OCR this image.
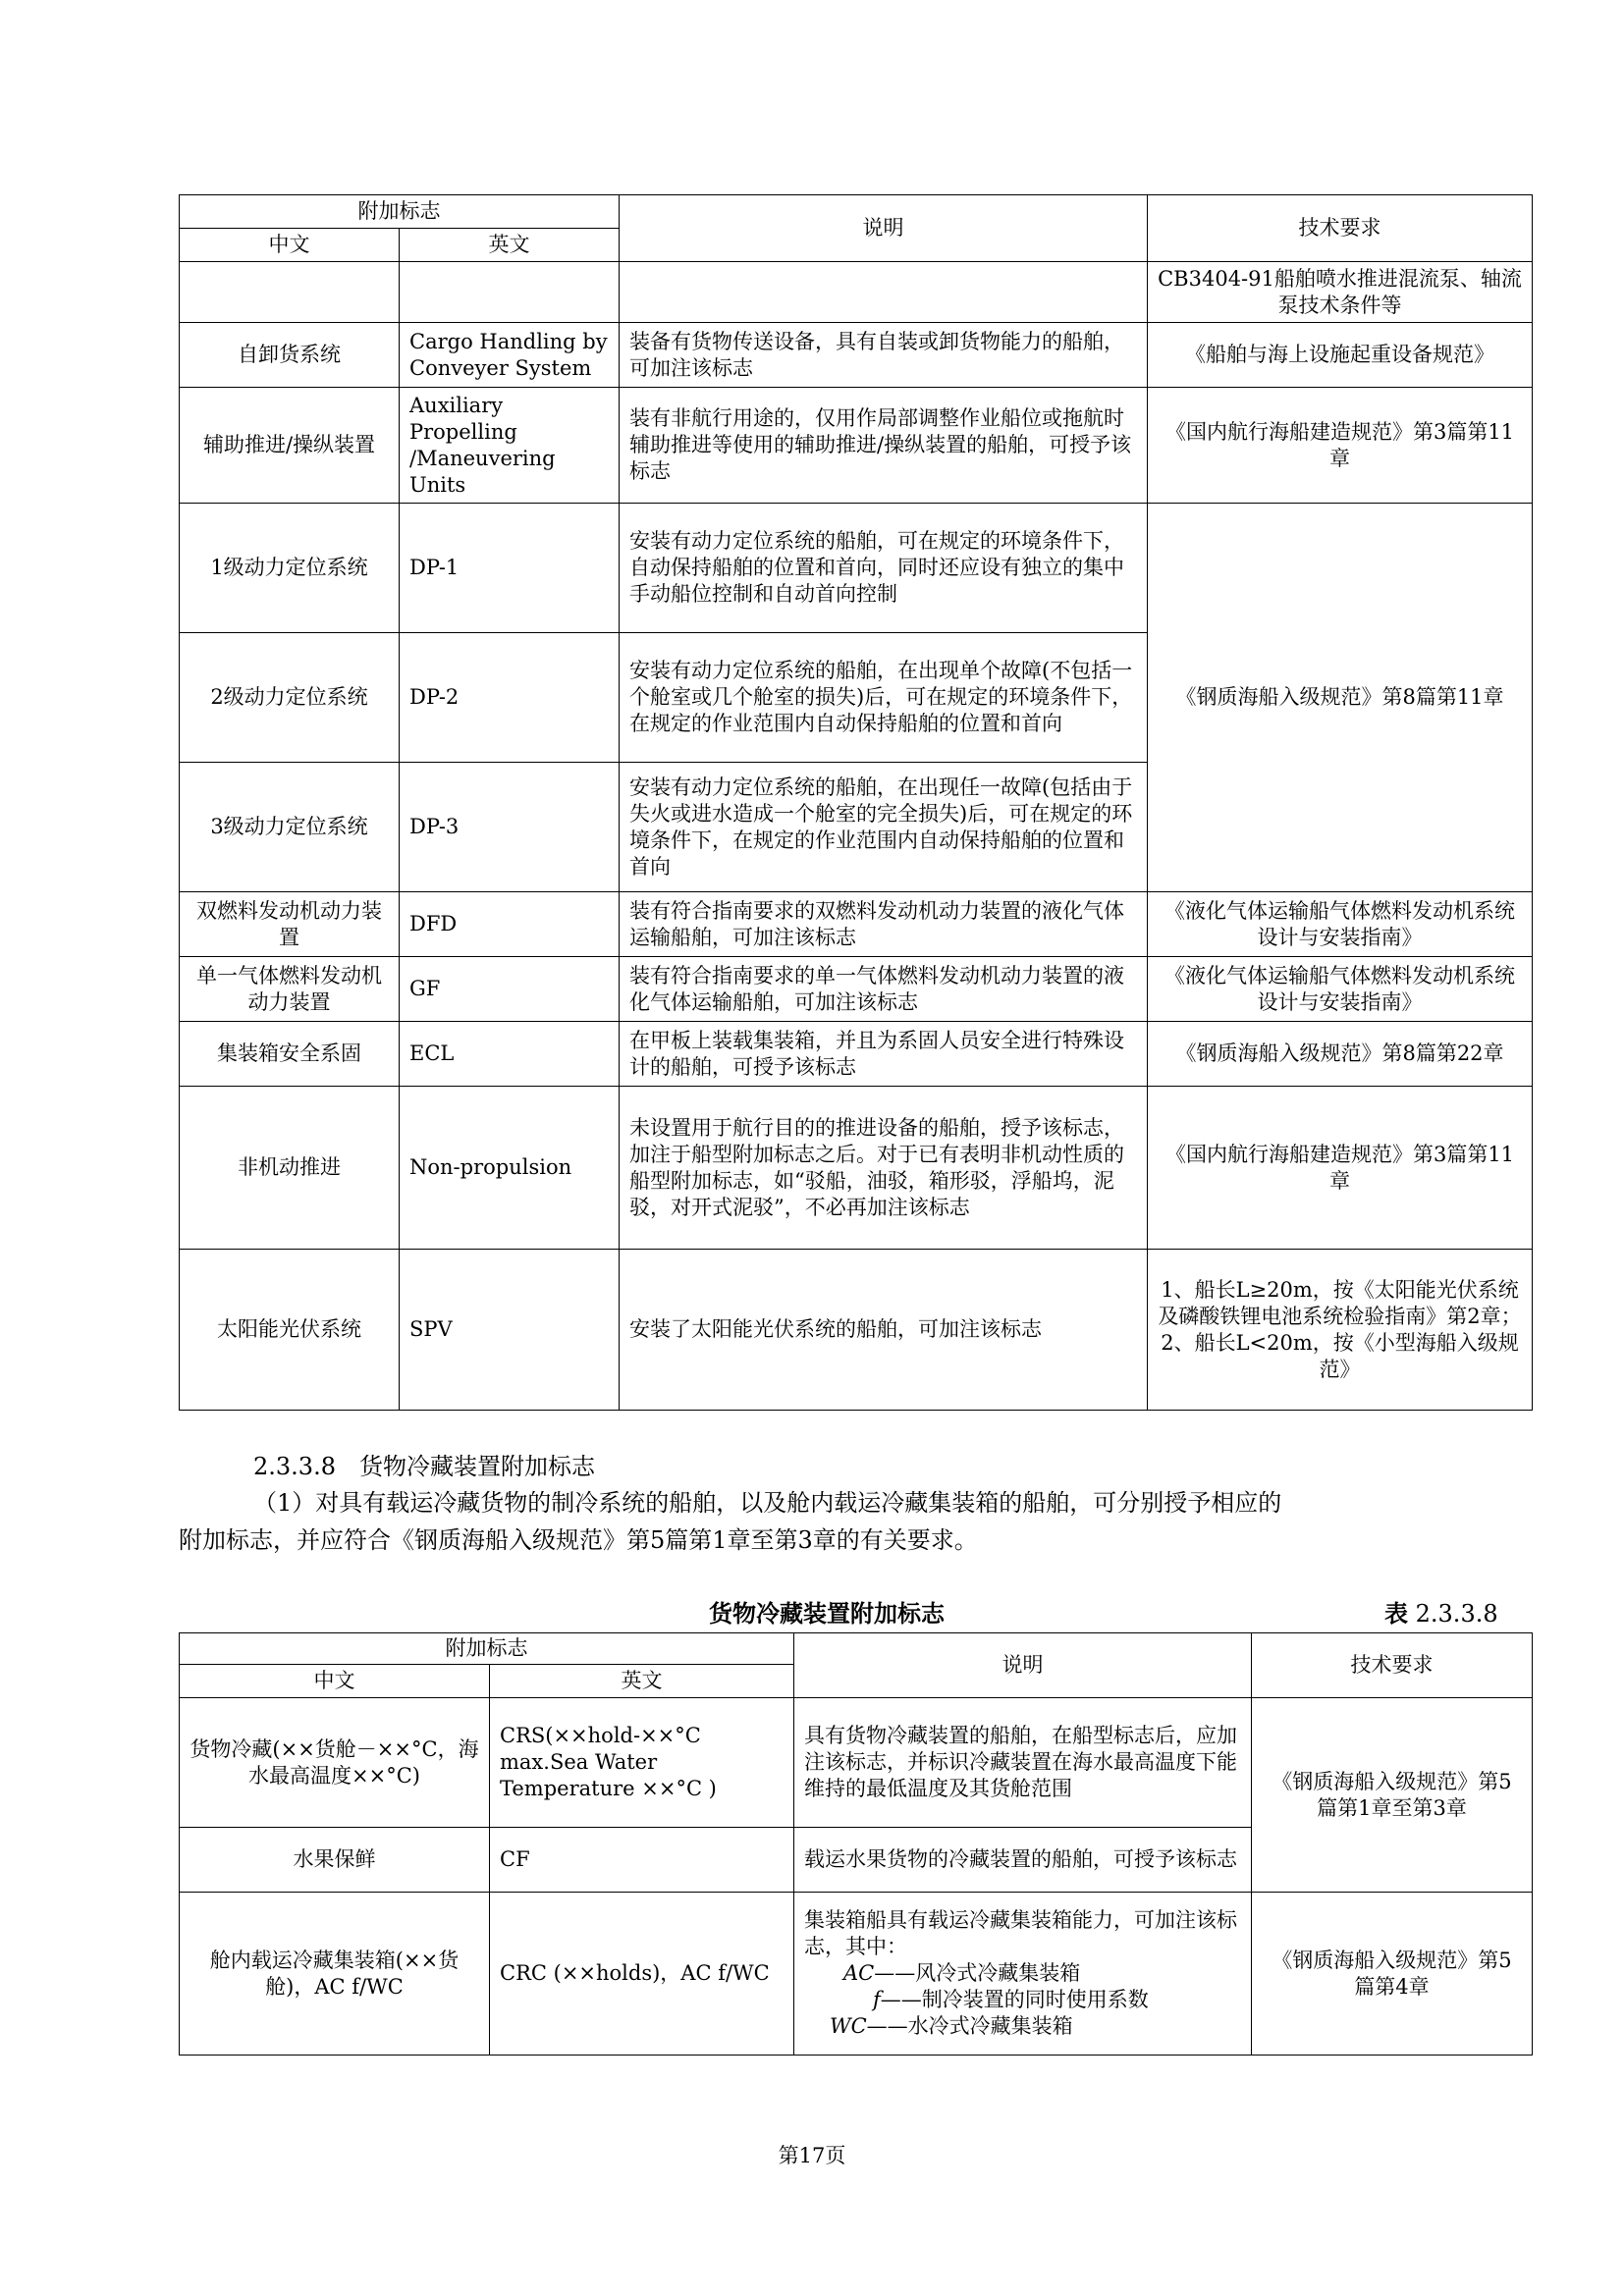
附加标志		说明	技术要求
中文	英文		
			CB3404-91船舶喷水推进混流泵、轴流泵技术条件等
自卸货系统	Cargo Handling by Conveyer System	装备有货物传送设备，具有自装或卸货物能力的船舶，可加注该标志	《船舶与海上设施起重设备规范》
辅助推进/操纵装置	Auxiliary Propelling /Maneuvering Units	装有非航行用途的，仅用作局部调整作业船位或拖航时辅助推进等使用的辅助推进/操纵装置的船舶，可授予该标志	《国内航行海船建造规范》第3篇第11章
1级动力定位系统	DP-1	安装有动力定位系统的船舶，可在规定的环境条件下，自动保持船舶的位置和首向，同时还应设有独立的集中手动船位控制和自动首向控制	《钢质海船入级规范》第8篇第11章
2级动力定位系统	DP-2	安装有动力定位系统的船舶，在出现单个故障(不包括一个舱室或几个舱室的损失)后，可在规定的环境条件下，在规定的作业范围内自动保持船舶的位置和首向	
3级动力定位系统	DP-3	安装有动力定位系统的船舶，在出现任一故障(包括由于失火或进水造成一个舱室的完全损失)后，可在规定的环境条件下，在规定的作业范围内自动保持船舶的位置和首向	
双燃料发动机动力装置	DFD	装有符合指南要求的双燃料发动机动力装置的液化气体运输船舶，可加注该标志	《液化气体运输船气体燃料发动机系统设计与安装指南》
单一气体燃料发动机动力装置	GF	装有符合指南要求的单一气体燃料发动机动力装置的液化气体运输船舶，可加注该标志	《液化气体运输船气体燃料发动机系统设计与安装指南》
集装箱安全系固	ECL	在甲板上装载集装箱，并且为系固人员安全进行特殊设计的船舶，可授予该标志	《钢质海船入级规范》第8篇第22章
非机动推进	Non-propulsion	未设置用于航行目的的推进设备的船舶，授予该标志，加注于船型附加标志之后。对于已有表明非机动性质的船型附加标志，如“驳船，油驳，箱形驳，浮船坞，泥驳，对开式泥驳”，不必再加注该标志	《国内航行海船建造规范》第3篇第11章
太阳能光伏系统	SPV	安装了太阳能光伏系统的船舶，可加注该标志	1、船长L≥20m，按《太阳能光伏系统及磷酸铁锂电池系统检验指南》第2章；
2、船长L<20m，按《小型海船入级规范》
2.3.3.8　货物冷藏装置附加标志
（1）对具有载运冷藏货物的制冷系统的船舶，以及舱内载运冷藏集装箱的船舶，可分别授予相应的
附加标志，并应符合《钢质海船入级规范》第5篇第1章至第3章的有关要求。
货物冷藏装置附加标志	表 2.3.3.8
附加标志		说明	技术要求
中文	英文		
货物冷藏(××货舱－××°C，海水最高温度××°C)	CRS(××hold-××°C max.Sea Water Temperature ××°C )	具有货物冷藏装置的船舶，在船型标志后，应加注该标志，并标识冷藏装置在海水最高温度下能维持的最低温度及其货舱范围	《钢质海船入级规范》第5篇第1章至第3章
水果保鲜	CF	载运水果货物的冷藏装置的船舶，可授予该标志	
舱内载运冷藏集装箱(××货舱)，AC f/WC	CRC (××holds)，AC f/WC	集装箱船具有载运冷藏集装箱能力，可加注该标志，其中：
AC——风冷式冷藏集装箱
f——制冷装置的同时使用系数
WC——水冷式冷藏集装箱	《钢质海船入级规范》第5篇第4章
第17页
